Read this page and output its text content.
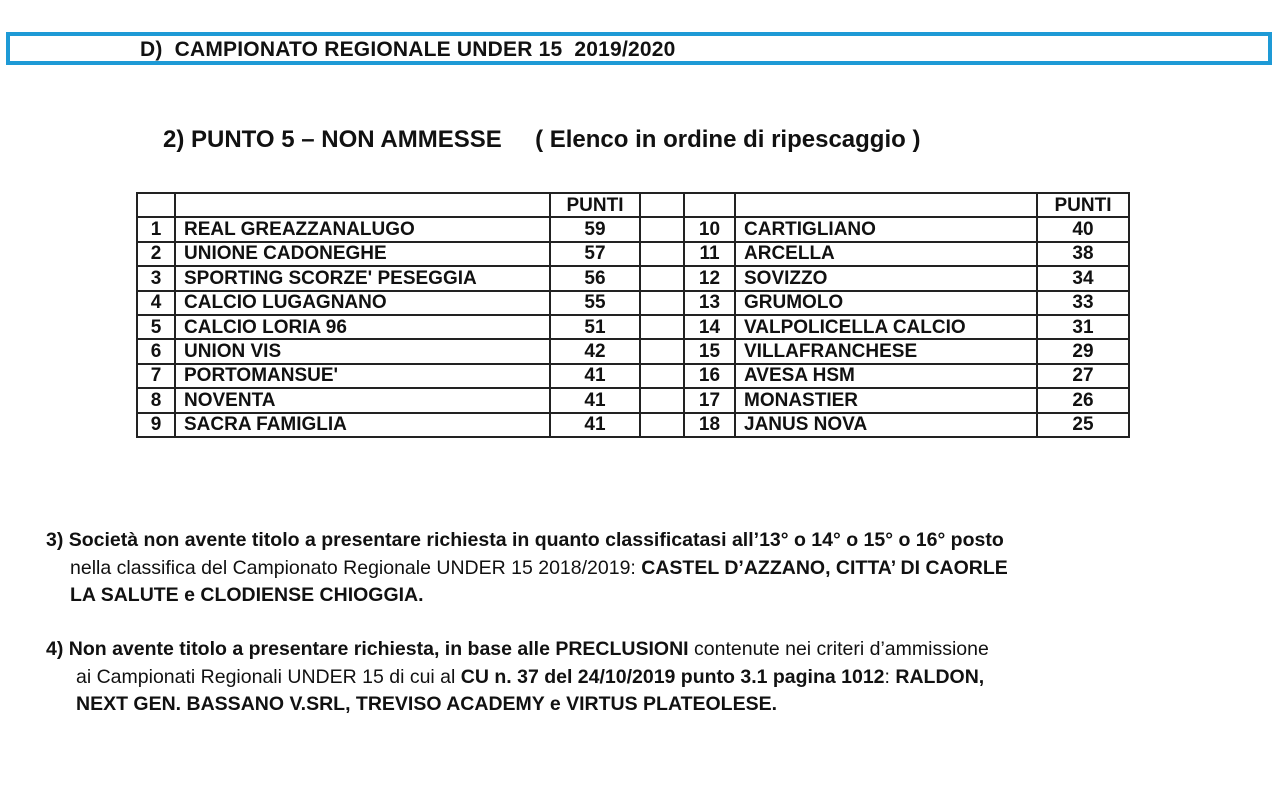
D)  CAMPIONATO REGIONALE UNDER 15  2019/2020
2) PUNTO 5 – NON AMMESSE     ( Elenco in ordine di ripescaggio )
		PUNTI				PUNTI
1	REAL GREAZZANALUGO	59		10	CARTIGLIANO	40
2	UNIONE CADONEGHE	57		11	ARCELLA	38
3	SPORTING SCORZE' PESEGGIA	56		12	SOVIZZO	34
4	CALCIO LUGAGNANO	55		13	GRUMOLO	33
5	CALCIO LORIA 96	51		14	VALPOLICELLA CALCIO	31
6	UNION VIS	42		15	VILLAFRANCHESE	29
7	PORTOMANSUE'	41		16	AVESA HSM	27
8	NOVENTA	41		17	MONASTIER	26
9	SACRA FAMIGLIA	41		18	JANUS NOVA	25
3) Società non avente titolo a presentare richiesta in quanto classificatasi all’13° o 14° o 15° o 16° posto
nella classifica del Campionato Regionale UNDER 15 2018/2019: CASTEL D’AZZANO, CITTA’ DI CAORLE
LA SALUTE e CLODIENSE CHIOGGIA.
4) Non avente titolo a presentare richiesta, in base alle PRECLUSIONI contenute nei criteri d’ammissione
ai Campionati Regionali UNDER 15 di cui al CU n. 37 del 24/10/2019 punto 3.1 pagina 1012: RALDON,
NEXT GEN. BASSANO V.SRL, TREVISO ACADEMY e VIRTUS PLATEOLESE.
